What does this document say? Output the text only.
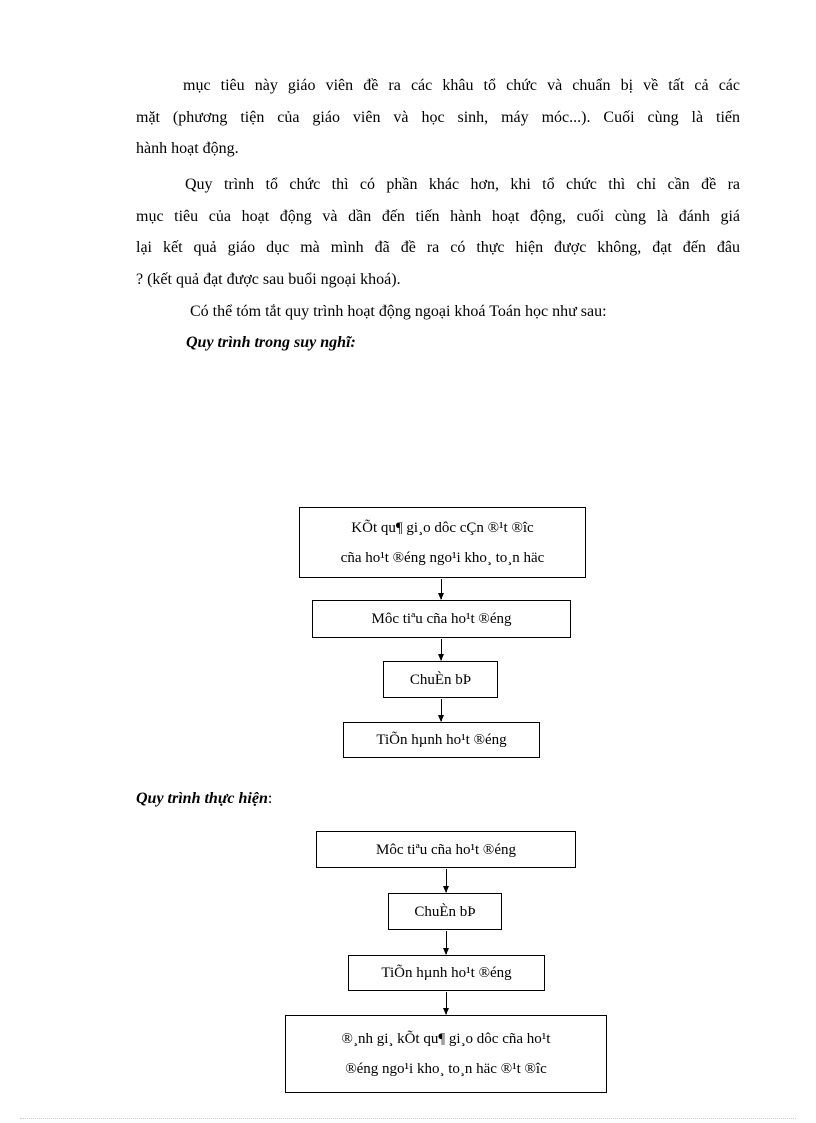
mục tiêu này giáo viên đề ra các khâu tổ chức và chuẩn bị về tất cả các
mặt (phương tiện của giáo viên và học sinh, máy móc...). Cuối cùng là tiến
hành hoạt động.
Quy trình tổ chức thì có phần khác hơn, khi tổ chức thì chỉ cần đề ra
mục tiêu của hoạt động và dần đến tiến hành hoạt động, cuối cùng là đánh giá
lại kết quả giáo dục mà mình đã đề ra có thực hiện được không, đạt đến đâu
? (kết quả đạt được sau buổi ngoại khoá).
Có thể tóm tắt quy trình hoạt động ngoại khoá Toán học như sau:
Quy trình trong suy nghĩ:
KÕt qu¶ gi¸o dôc cÇn ®¹t ®îc
cña ho¹t ®éng ngo¹i kho¸ to¸n häc
Môc tiªu cña ho¹t ®éng
ChuÈn bÞ
TiÕn hµnh ho¹t ®éng
Quy trình thực hiện:
Môc tiªu cña ho¹t ®éng
ChuÈn bÞ
TiÕn hµnh ho¹t ®éng
®¸nh gi¸ kÕt qu¶ gi¸o dôc cña ho¹t
®éng ngo¹i kho¸ to¸n häc ®¹t ®îc
